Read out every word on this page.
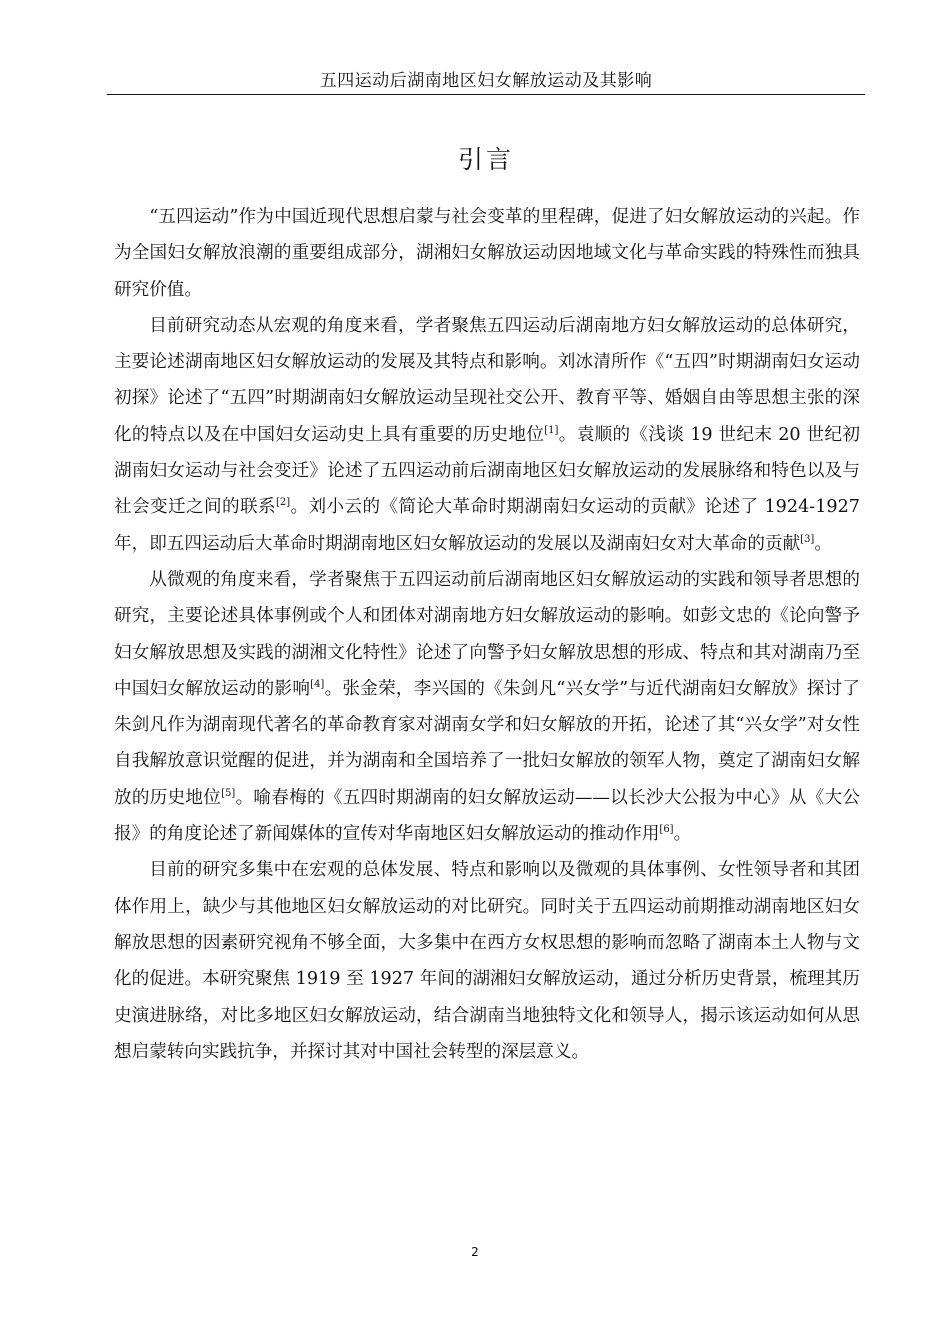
五四运动后湖南地区妇女解放运动及其影响
引言

“五四运动”作为中国近现代思想启蒙与社会变革的里程碑，促进了妇女解放运动的兴起。作为全国妇女解放浪潮的重要组成部分，湖湘妇女解放运动因地域文化与革命实践的特殊性而独具研究价值。

目前研究动态从宏观的角度来看，学者聚焦五四运动后湖南地方妇女解放运动的总体研究，主要论述湖南地区妇女解放运动的发展及其特点和影响。刘冰清所作《“五四”时期湖南妇女运动初探》论述了“五四”时期湖南妇女解放运动呈现社交公开、教育平等、婚姻自由等思想主张的深化的特点以及在中国妇女运动史上具有重要的历史地位[1]。袁顺的《浅谈 19 世纪末 20 世纪初湖南妇女运动与社会变迁》论述了五四运动前后湖南地区妇女解放运动的发展脉络和特色以及与社会变迁之间的联系[2]。刘小云的《简论大革命时期湖南妇女运动的贡献》论述了 1924-1927 年，即五四运动后大革命时期湖南地区妇女解放运动的发展以及湖南妇女对大革命的贡献[3]。

从微观的角度来看，学者聚焦于五四运动前后湖南地区妇女解放运动的实践和领导者思想的研究，主要论述具体事例或个人和团体对湖南地方妇女解放运动的影响。如彭文忠的《论向警予妇女解放思想及实践的湖湘文化特性》论述了向警予妇女解放思想的形成、特点和其对湖南乃至中国妇女解放运动的影响[4]。张金荣，李兴国的《朱剑凡“兴女学”与近代湖南妇女解放》探讨了朱剑凡作为湖南现代著名的革命教育家对湖南女学和妇女解放的开拓，论述了其“兴女学”对女性自我解放意识觉醒的促进，并为湖南和全国培养了一批妇女解放的领军人物，奠定了湖南妇女解放的历史地位[5]。喻春梅的《五四时期湖南的妇女解放运动——以长沙大公报为中心》从《大公报》的角度论述了新闻媒体的宣传对华南地区妇女解放运动的推动作用[6]。

目前的研究多集中在宏观的总体发展、特点和影响以及微观的具体事例、女性领导者和其团体作用上，缺少与其他地区妇女解放运动的对比研究。同时关于五四运动前期推动湖南地区妇女解放思想的因素研究视角不够全面，大多集中在西方女权思想的影响而忽略了湖南本土人物与文化的促进。本研究聚焦 1919 至 1927 年间的湖湘妇女解放运动，通过分析历史背景，梳理其历史演进脉络，对比多地区妇女解放运动，结合湖南当地独特文化和领导人，揭示该运动如何从思想启蒙转向实践抗争，并探讨其对中国社会转型的深层意义。

2
